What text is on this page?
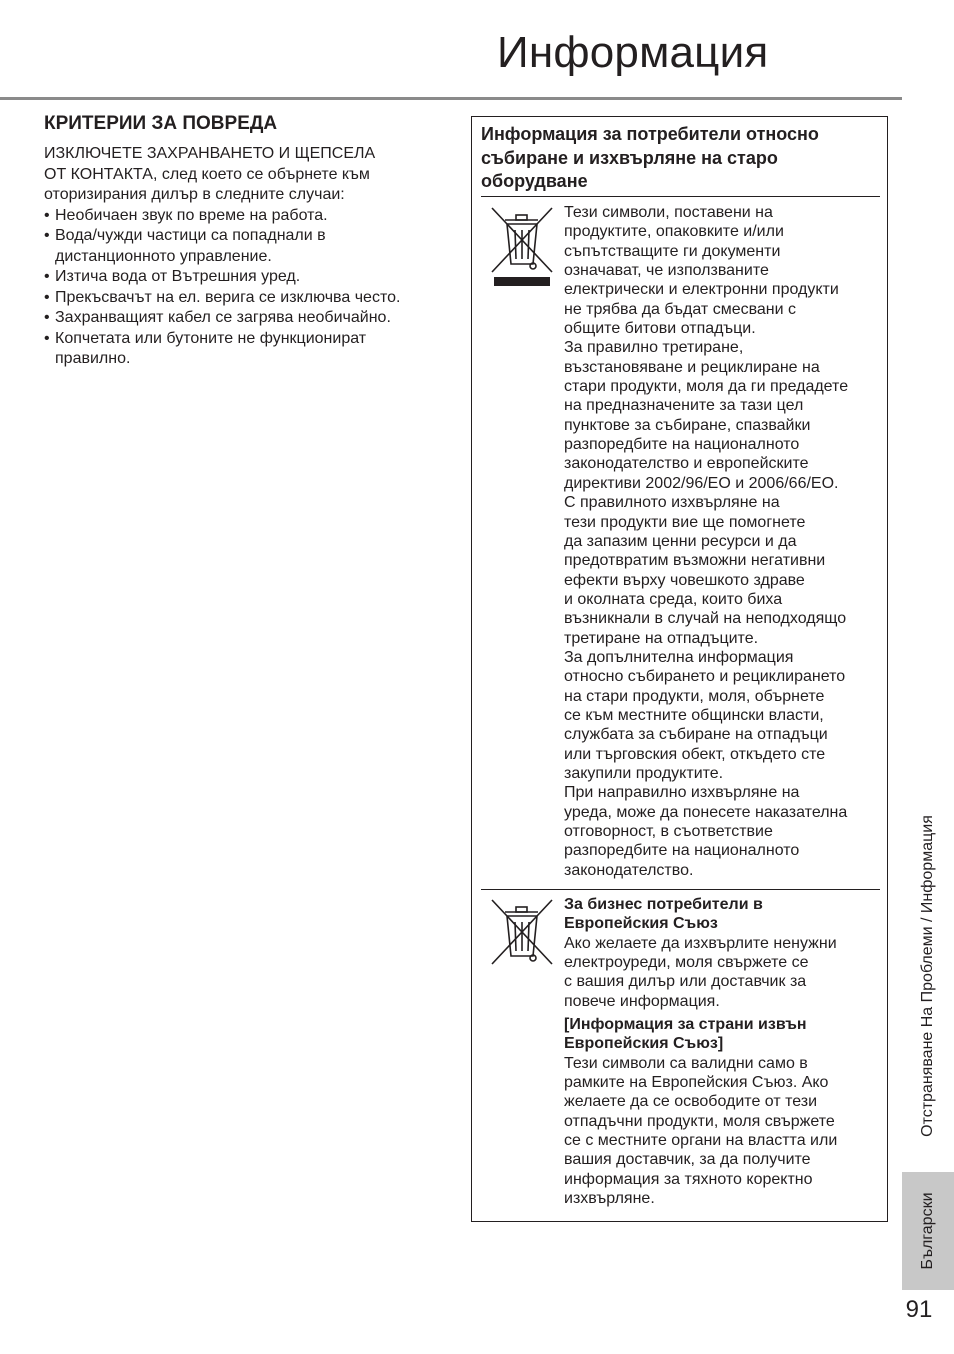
Информация
КРИТЕРИИ ЗА ПОВРЕДА
ИЗКЛЮЧЕТЕ ЗАХРАНВАНЕТО И ЩЕПСЕЛА
ОТ КОНТАКТА, след което се обърнете към
оторизирания дилър в следните случаи:
• Необичаен звук по време на работа.
• Вода/чужди частици са попаднали в
дистанционното управление.
• Изтича вода от Вътрешния уред.
• Прекъсвачът на ел. верига се изключва често.
• Захранващият кабел се загрява необичайно.
• Копчетата или бутоните не функционират
правилно.
Информация за потребители относно
събиране и изхвърляне на старо
оборудване
Тези символи, поставени на
продуктите, опаковките и/или
съпътстващите ги документи
означават, че използваните
електрически и електронни продукти
не трябва да бъдат смесвани с
общите битови отпадъци.
За правилно третиране,
възстановяване и рециклиране на
стари продукти, моля да ги предадете
на предназначените за тази цел
пунктове за събиране, спазвайки
разпоредбите на националното
законодателство и европейските
директиви 2002/96/EO и 2006/66/EO.
С правилното изхвърляне на
тези продукти вие ще помогнете
да запазим ценни ресурси и да
предотвратим възможни негативни
ефекти върху човешкото здраве
и околната среда, които биха
възникнали в случай на неподходящо
третиране на отпадъците.
За допълнителна информация
относно събирането и рециклирането
на стари продукти, моля, обърнете
се към местните общински власти,
службата за събиране на отпадъци
или търговския обект, откъдето сте
закупили продуктите.
При направилно изхвърляне на
уреда, може да понесете наказателна
отговорност, в съответствие
разпоредбите на националното
законодателство.
За бизнес потребители в
Европейския Съюз
Ако желаете да изхвърлите ненужни
електроуреди, моля свържете се
с вашия дилър или доставчик за
повече информация.
[Информация за страни извън
Европейския Съюз]
Тези символи са валидни само в
рамките на Европейския Съюз. Ако
желаете да се освободите от тези
отпадъчни продукти, моля свържете
се с местните органи на властта или
вашия доставчик, за да получите
информация за тяхното коректно
изхвърляне.
Отстраняване На Проблеми / Информация
Български
91
